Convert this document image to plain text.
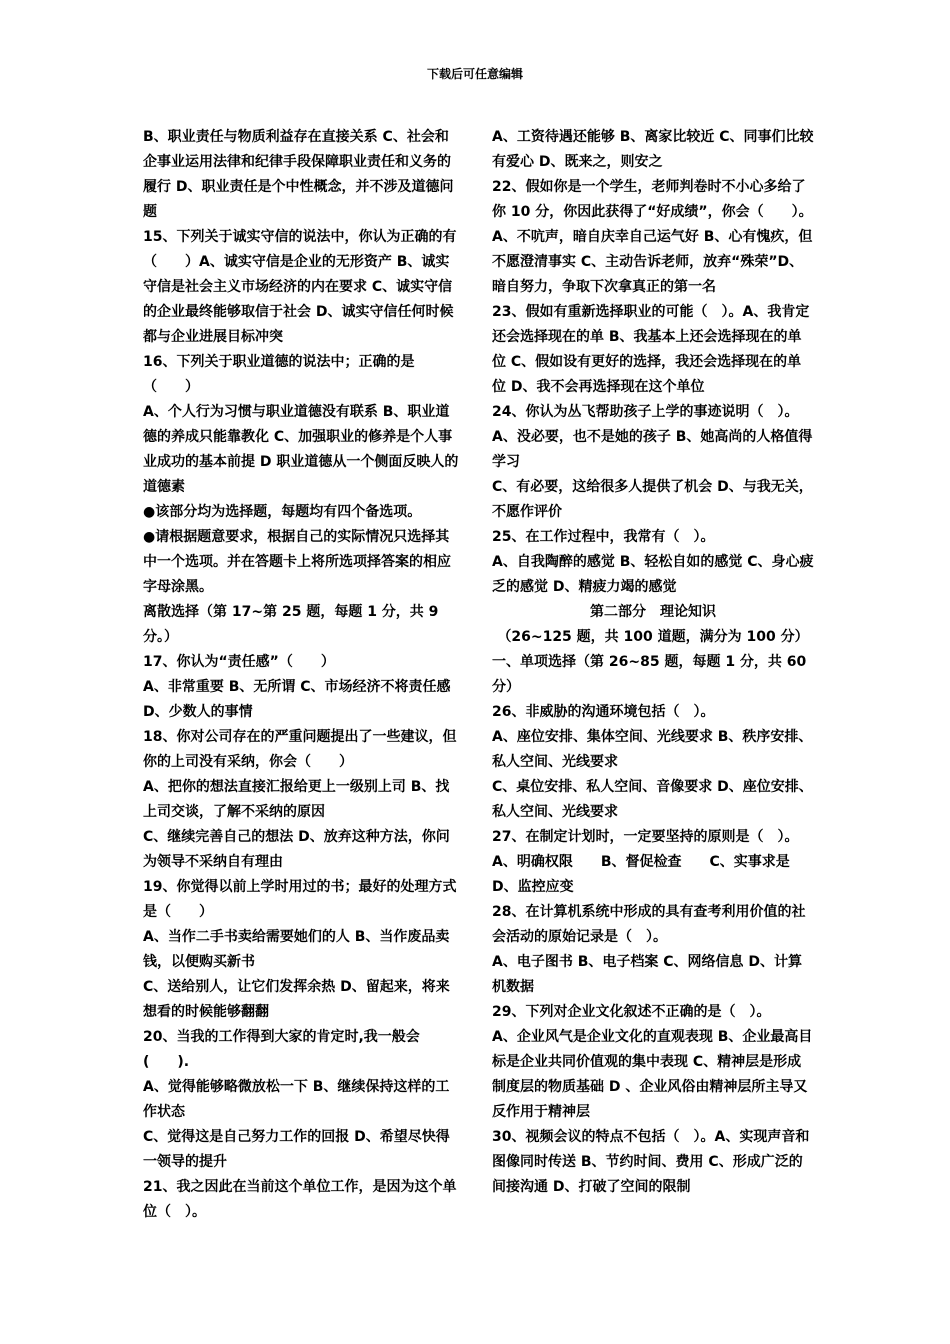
下载后可任意编辑

B、职业责任与物质利益存在直接关系 C、社会和企事业运用法律和纪律手段保障职业责任和义务的履行 D、职业责任是个中性概念，并不涉及道德问题

15、下列关于诚实守信的说法中，你认为正确的有（　　）A、诚实守信是企业的无形资产 B、诚实守信是社会主义市场经济的内在要求 C、诚实守信的企业最终能够取信于社会 D、诚实守信任何时候都与企业进展目标冲突

16、下列关于职业道德的说法中；正确的是（　　）

A、个人行为习惯与职业道德没有联系 B、职业道德的养成只能靠教化 C、加强职业的修养是个人事业成功的基本前提 D 职业道德从一个侧面反映人的道德素

●该部分均为选择题，每题均有四个备选项。

●请根据题意要求，根据自己的实际情况只选择其中一个选项。并在答题卡上将所选项择答案的相应字母涂黑。

离散选择（第 17~第 25 题，每题 1 分，共 9 分。）

17、你认为“责任感”（　　）

A、非常重要 B、无所谓 C、市场经济不将责任感 D、少数人的事情

18、你对公司存在的严重问题提出了一些建议，但你的上司没有采纳，你会（　　）

A、把你的想法直接汇报给更上一级别上司 B、找上司交谈，了解不采纳的原因

C、继续完善自己的想法 D、放弃这种方法，你问为领导不采纳自有理由

19、你觉得以前上学时用过的书；最好的处理方式是（　　）

A、当作二手书卖给需要她们的人 B、当作废品卖钱，以便购买新书

C、送给别人，让它们发挥余热 D、留起来，将来想看的时候能够翻翻

20、当我的工作得到大家的肯定时,我一般会(　　).

A、觉得能够略微放松一下 B、继续保持这样的工作状态

C、觉得这是自己努力工作的回报 D、希望尽快得一领导的提升

21、我之因此在当前这个单位工作，是因为这个单位（　）。

A、工资待遇还能够 B、离家比较近 C、同事们比较有爱心 D、既来之，则安之

22、假如你是一个学生，老师判卷时不小心多给了你 10 分，你因此获得了“好成绩”，你会（　　）。

A、不吭声，暗自庆幸自己运气好 B、心有愧疚，但不愿澄清事实 C、主动告诉老师，放弃“殊荣”D、暗自努力，争取下次拿真正的第一名

23、假如有重新选择职业的可能（　）。A、我肯定还会选择现在的单 B、我基本上还会选择现在的单位 C、假如设有更好的选择，我还会选择现在的单位 D、我不会再选择现在这个单位

24、你认为丛飞帮助孩子上学的事迹说明（　）。

A、没必要，也不是她的孩子 B、她高尚的人格值得学习

C、有必要，这给很多人提供了机会 D、与我无关，不愿作评价

25、在工作过程中，我常有（　）。

A、自我陶醉的感觉 B、轻松自如的感觉 C、身心疲乏的感觉 D、精疲力竭的感觉

第二部分　理论知识

（26~125 题，共 100 道题，满分为 100 分）

一、单项选择（第 26~85 题，每题 1 分，共 60 分）

26、非威胁的沟通环境包括（　）。

A、座位安排、集体空间、光线要求 B、秩序安排、私人空间、光线要求

C、桌位安排、私人空间、音像要求 D、座位安排、私人空间、光线要求

27、在制定计划时，一定要坚持的原则是（　）。

A、明确权限　　B、督促检查　　C、实事求是　　D、监控应变

28、在计算机系统中形成的具有查考利用价值的社会活动的原始记录是（　）。

A、电子图书 B、电子档案 C、网络信息 D、计算机数据

29、下列对企业文化叙述不正确的是（　）。

A、企业风气是企业文化的直观表现 B、企业最高目标是企业共同价值观的集中表现 C、精神层是形成制度层的物质基础 D 、企业风俗由精神层所主导又反作用于精神层

30、视频会议的特点不包括（　）。A、实现声音和图像同时传送 B、节约时间、费用 C、形成广泛的间接沟通 D、打破了空间的限制
